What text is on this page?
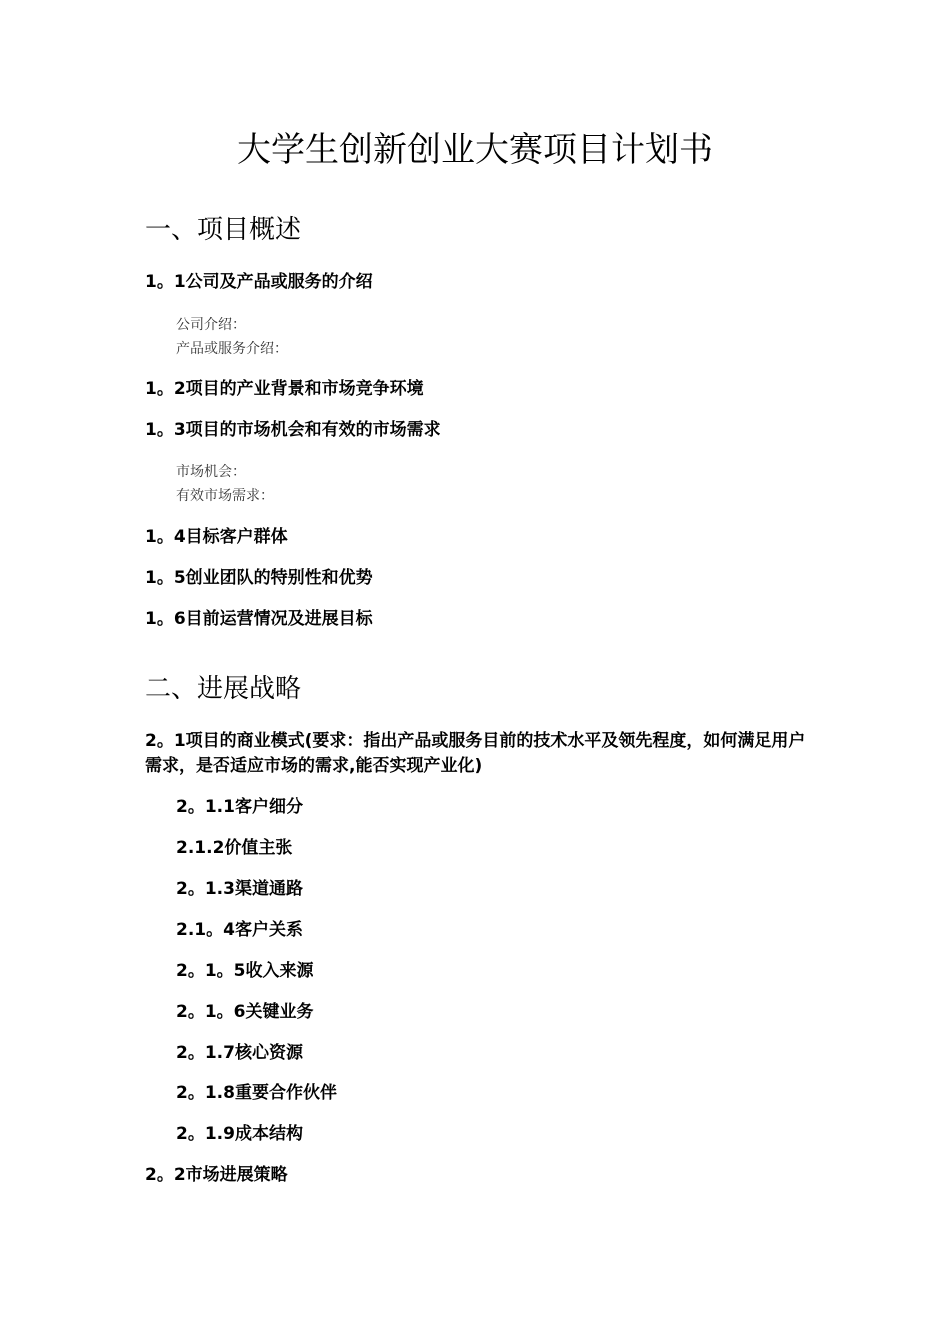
大学生创新创业大赛项目计划书
一、项目概述

1。1公司及产品或服务的介绍

公司介绍：

产品或服务介绍：

1。2项目的产业背景和市场竞争环境

1。3项目的市场机会和有效的市场需求

市场机会：

有效市场需求：

1。4目标客户群体

1。5创业团队的特别性和优势

1。6目前运营情况及进展目标

二、进展战略

2。1项目的商业模式(要求：指出产品或服务目前的技术水平及领先程度，如何满足用户需求，是否适应市场的需求,能否实现产业化)

2。1.1客户细分

2.1.2价值主张

2。1.3渠道通路

2.1。4客户关系

2。1。5收入来源

2。1。6关键业务

2。1.7核心资源

2。1.8重要合作伙伴

2。1.9成本结构

2。2市场进展策略
